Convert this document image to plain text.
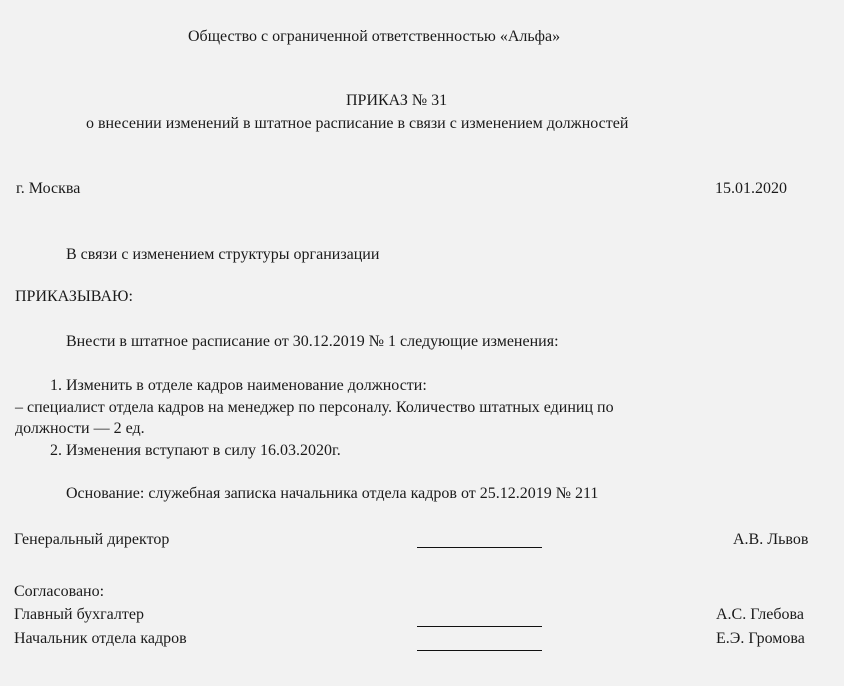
Общество с ограниченной ответственностью «Альфа»
ПРИКАЗ № 31
о внесении изменений в штатное расписание в связи с изменением должностей
г. Москва	15.01.2020
В связи с изменением структуры организации
ПРИКАЗЫВАЮ:
Внести в штатное расписание от 30.12.2019 № 1 следующие изменения:
1. Изменить в отделе кадров наименование должности:
– специалист отдела кадров на менеджер по персоналу. Количество штатных единиц по
должности — 2 ед.
2. Изменения вступают в силу 16.03.2020г.
Основание: служебная записка начальника отдела кадров от 25.12.2019 № 211
Генеральный директор	А.В. Львов
Согласовано:
Главный бухгалтер	А.С. Глебова
Начальник отдела кадров	Е.Э. Громова
